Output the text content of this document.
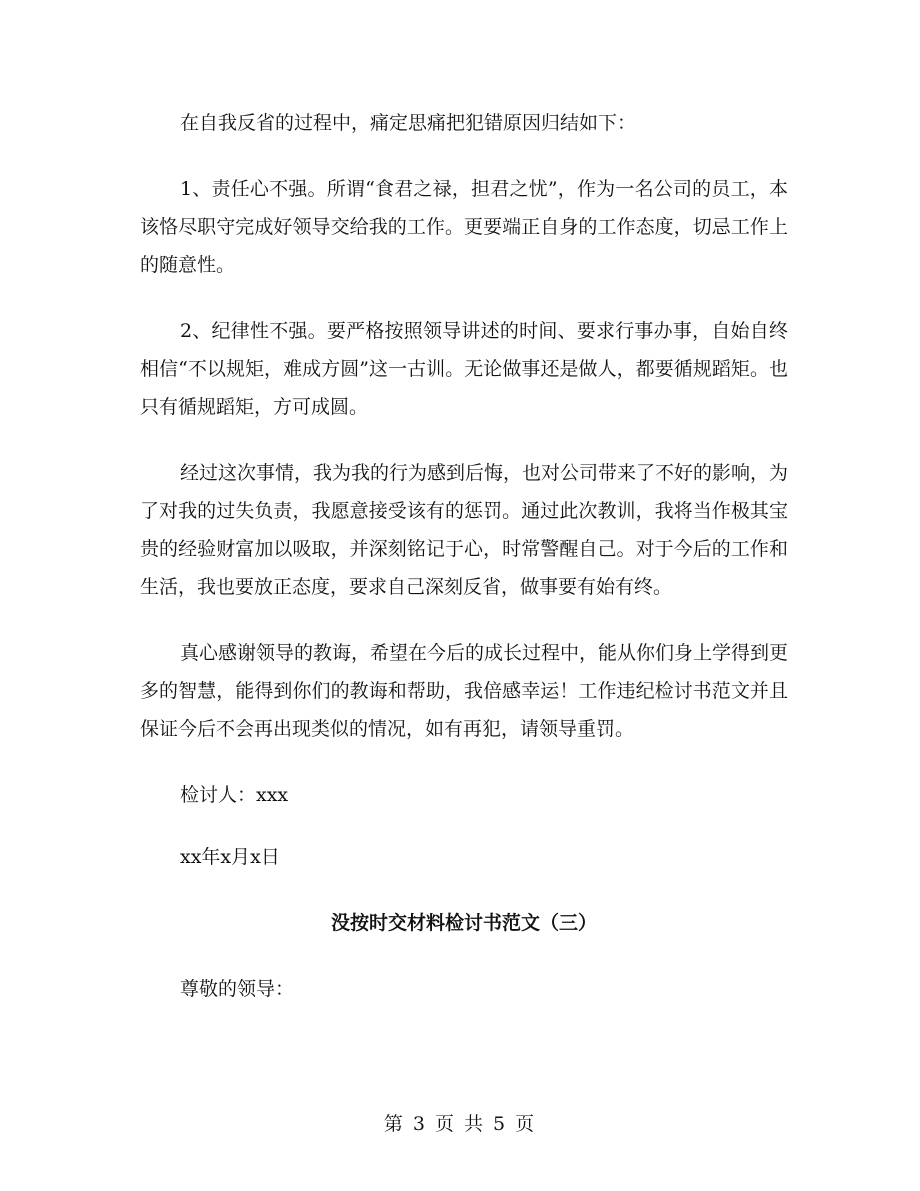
在自我反省的过程中，痛定思痛把犯错原因归结如下：

1、责任心不强。所谓“食君之禄，担君之忧”，作为一名公司的员工，本该恪尽职守完成好领导交给我的工作。更要端正自身的工作态度，切忌工作上的随意性。

2、纪律性不强。要严格按照领导讲述的时间、要求行事办事，自始自终相信“不以规矩，难成方圆”这一古训。无论做事还是做人，都要循规蹈矩。也只有循规蹈矩，方可成圆。

经过这次事情，我为我的行为感到后悔，也对公司带来了不好的影响，为了对我的过失负责，我愿意接受该有的惩罚。通过此次教训，我将当作极其宝贵的经验财富加以吸取，并深刻铭记于心，时常警醒自己。对于今后的工作和生活，我也要放正态度，要求自己深刻反省，做事要有始有终。

真心感谢领导的教诲，希望在今后的成长过程中，能从你们身上学得到更多的智慧，能得到你们的教诲和帮助，我倍感幸运！工作违纪检讨书范文并且保证今后不会再出现类似的情况，如有再犯，请领导重罚。

检讨人：xxx

xx年x月x日

没按时交材料检讨书范文（三）

尊敬的领导：

第 3 页 共 5 页
